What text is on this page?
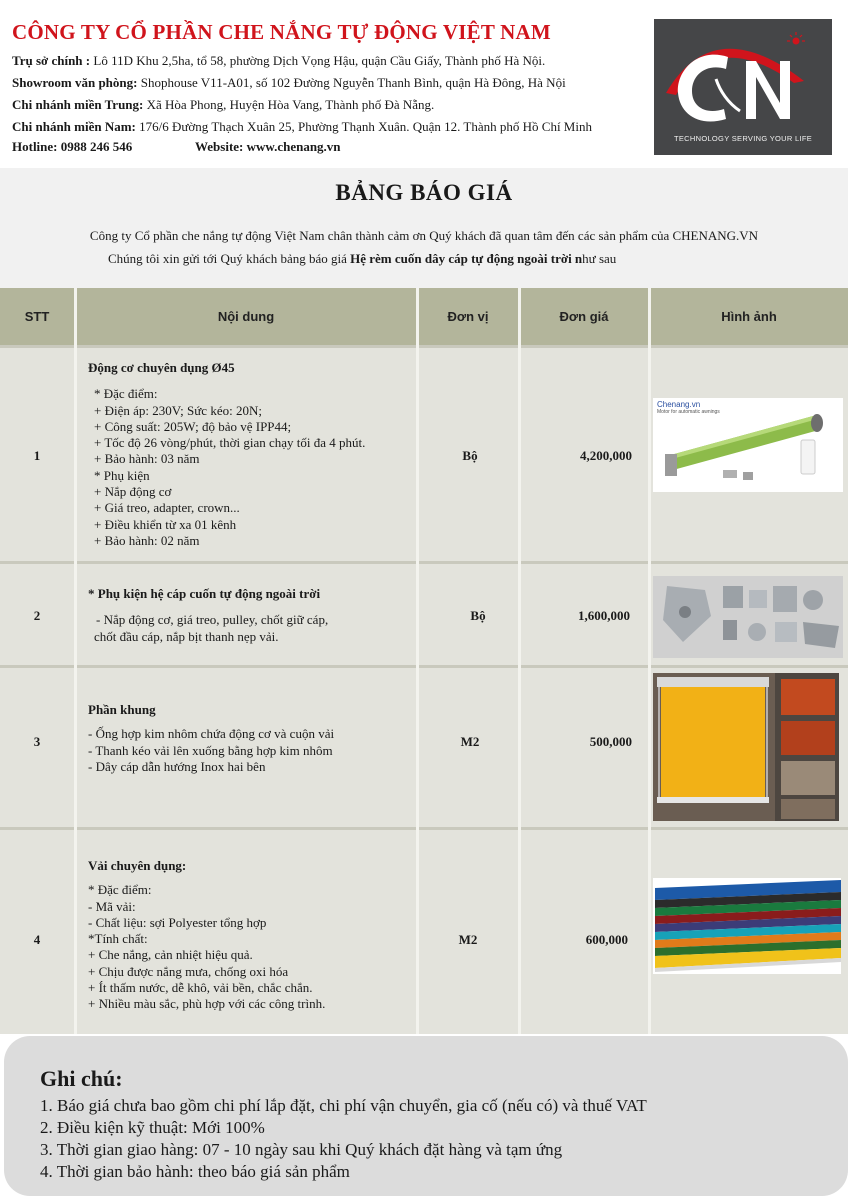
CÔNG TY CỔ PHẦN CHE NẮNG TỰ ĐỘNG VIỆT NAM
Trụ sở chính : Lô 11D Khu 2,5ha, tổ 58, phường Dịch Vọng Hậu, quận Cầu Giấy, Thành phố Hà Nội.
Showroom văn phòng: Shophouse V11-A01, số 102 Đường Nguyễn Thanh Bình, quận Hà Đông, Hà Nội
Chi nhánh miền Trung: Xã Hòa Phong, Huyện Hòa Vang, Thành phố Đà Nẵng.
Chi nhánh miền Nam: 176/6 Đường Thạch Xuân 25, Phường Thạnh Xuân. Quận 12. Thành phố Hồ Chí Minh
Hotline: 0988 246 546	Website: www.chenang.vn
TECHNOLOGY SERVING YOUR LIFE
BẢNG BÁO GIÁ
Công ty Cổ phần che nắng tự động Việt Nam chân thành cảm ơn Quý khách đã quan tâm đến các sản phẩm của CHENANG.VN
Chúng tôi xin gửi tới Quý khách bảng báo giá Hệ rèm cuốn dây cáp tự động ngoài trời như sau
STT	Nội dung	Đơn vị	Đơn giá	Hình ảnh
1
Động cơ chuyên dụng Ø45
* Đặc điểm:
+ Điện áp: 230V; Sức kéo: 20N;
+ Công suất: 205W; độ bảo vệ IPP44;
+ Tốc độ 26 vòng/phút, thời gian chạy tối đa 4 phút.
+ Bảo hành: 03 năm
* Phụ kiện
+ Nắp động cơ
+ Giá treo, adapter, crown...
+ Điều khiển từ xa 01 kênh
+ Bảo hành: 02 năm
Bộ	4,200,000
Chenang.vn
Motor for automatic awnings
2
* Phụ kiện hệ cáp cuốn tự động ngoài trời
- Nắp động cơ, giá treo, pulley, chốt giữ cáp,
chốt đầu cáp, nắp bịt thanh nẹp vải.
Bộ	1,600,000
3
Phần khung
- Ống hợp kim nhôm chứa động cơ và cuộn vải
- Thanh kéo vải lên xuống bằng hợp kim nhôm
- Dây cáp dẫn hướng Inox hai bên
M2	500,000
4
Vải chuyên dụng:
* Đặc điểm:
- Mã vải:
- Chất liệu: sợi Polyester tổng hợp
*Tính chất:
+ Che nắng, cản nhiệt hiệu quả.
+ Chịu được nắng mưa, chống oxi hóa
+ Ít thấm nước, dễ khô, vải bền, chắc chắn.
+ Nhiều màu sắc, phù hợp với các công trình.
M2	600,000
Ghi chú:
1. Báo giá chưa bao gồm chi phí lắp đặt, chi phí vận chuyển, gia cố (nếu có) và thuế VAT
2. Điều kiện kỹ thuật: Mới 100%
3. Thời gian giao hàng: 07 - 10 ngày sau khi Quý khách đặt hàng và tạm ứng
4. Thời gian bảo hành: theo báo giá sản phẩm
